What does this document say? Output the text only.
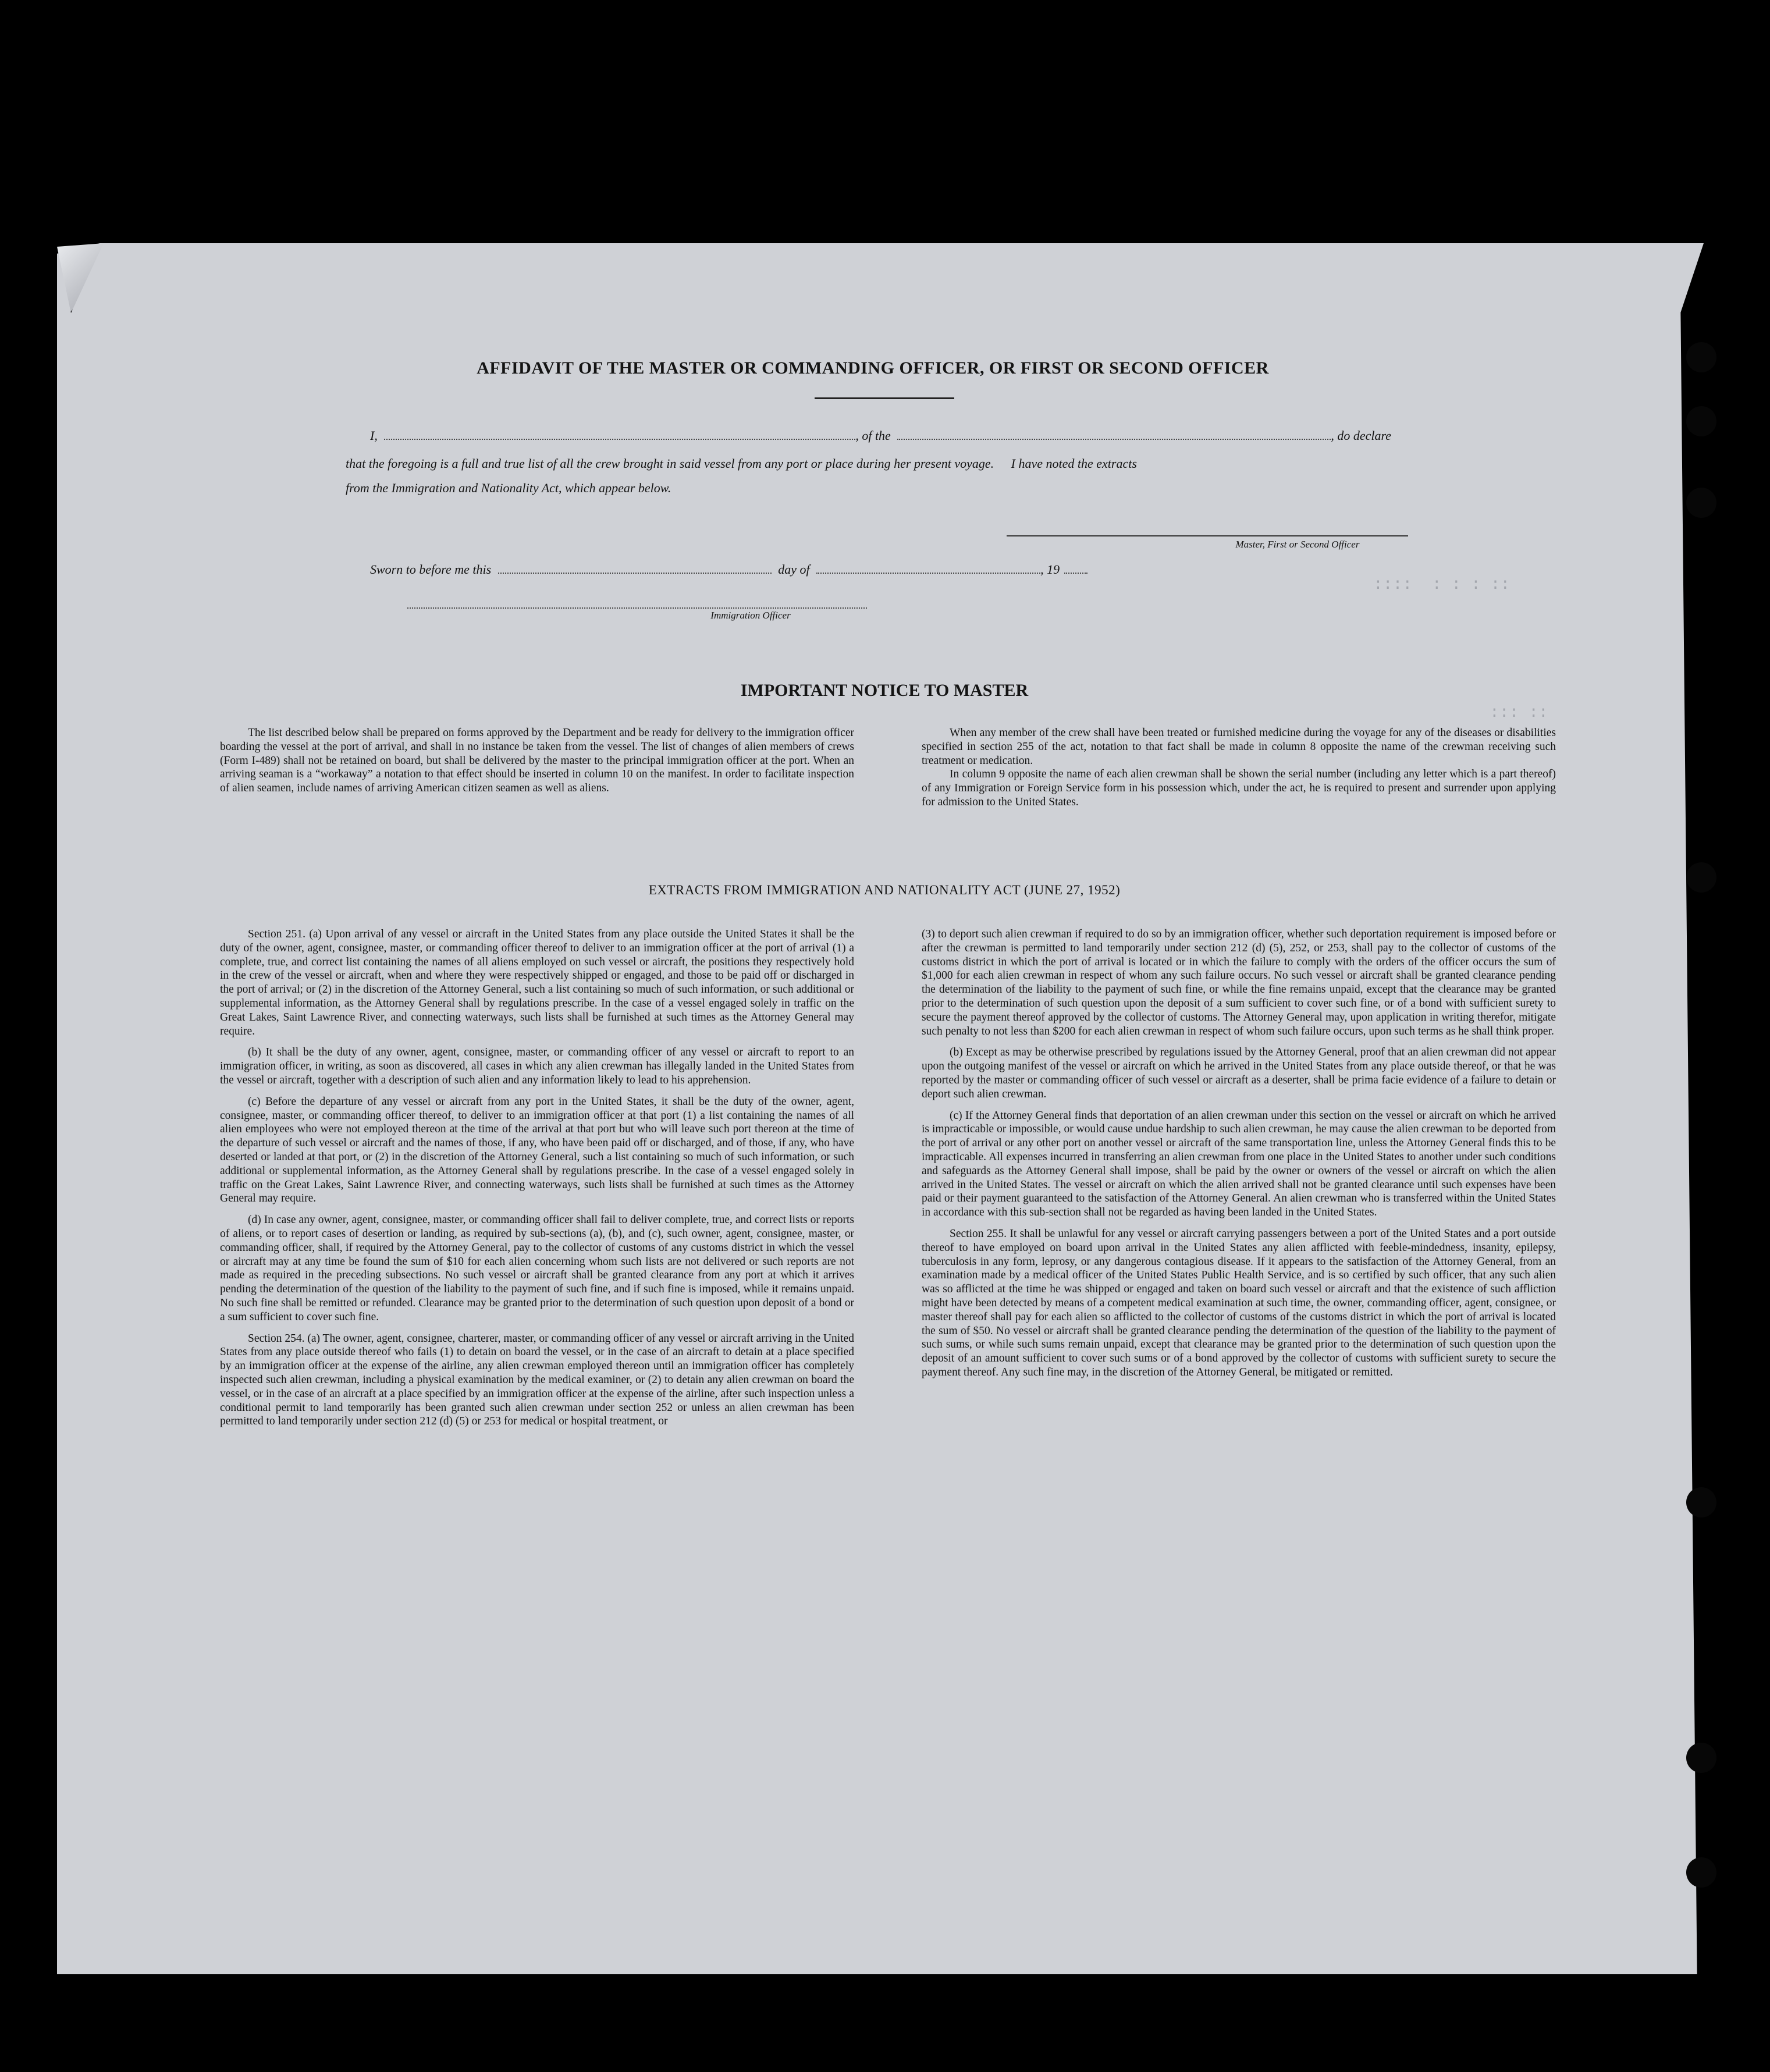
::::  : : : ::
::: ::
AFFIDAVIT OF THE MASTER OR COMMANDING OFFICER, OR FIRST OR SECOND OFFICER
I,	, of the	, do declare
that the foregoing is a full and true list of all the crew brought in said vessel from any port or place during her present voyage. I have noted the extracts
from the Immigration and Nationality Act, which appear below.
Master, First or Second Officer
Sworn to before me this	day of	, 19
Immigration Officer
IMPORTANT NOTICE TO MASTER

The list described below shall be prepared on forms approved by the Department and be ready for delivery to the immigration officer boarding the vessel at the port of arrival, and shall in no instance be taken from the vessel. The list of changes of alien members of crews (Form I-489) shall not be retained on board, but shall be delivered by the master to the principal immigration officer at the port. When an arriving seaman is a “workaway” a notation to that effect should be inserted in column 10 on the manifest. In order to facilitate inspection of alien seamen, include names of arriving American citizen seamen as well as aliens.

When any member of the crew shall have been treated or furnished medicine during the voyage for any of the diseases or disabilities specified in section 255 of the act, notation to that fact shall be made in column 8 opposite the name of the crewman receiving such treatment or medication.

In column 9 opposite the name of each alien crewman shall be shown the serial number (including any letter which is a part thereof) of any Immigration or Foreign Service form in his possession which, under the act, he is required to present and surrender upon applying for admission to the United States.

EXTRACTS FROM IMMIGRATION AND NATIONALITY ACT (JUNE 27, 1952)

Section 251. (a) Upon arrival of any vessel or aircraft in the United States from any place outside the United States it shall be the duty of the owner, agent, consignee, master, or commanding officer thereof to deliver to an immigration officer at the port of arrival (1) a complete, true, and correct list containing the names of all aliens employed on such vessel or aircraft, the positions they respectively hold in the crew of the vessel or aircraft, when and where they were respectively shipped or engaged, and those to be paid off or discharged in the port of arrival; or (2) in the discretion of the Attorney General, such a list containing so much of such information, or such additional or supplemental information, as the Attorney General shall by regulations prescribe. In the case of a vessel engaged solely in traffic on the Great Lakes, Saint Lawrence River, and connecting waterways, such lists shall be furnished at such times as the Attorney General may require.

(b) It shall be the duty of any owner, agent, consignee, master, or commanding officer of any vessel or aircraft to report to an immigration officer, in writing, as soon as discovered, all cases in which any alien crewman has illegally landed in the United States from the vessel or aircraft, together with a description of such alien and any information likely to lead to his apprehension.

(c) Before the departure of any vessel or aircraft from any port in the United States, it shall be the duty of the owner, agent, consignee, master, or commanding officer thereof, to deliver to an immigration officer at that port (1) a list containing the names of all alien employees who were not employed thereon at the time of the arrival at that port but who will leave such port thereon at the time of the departure of such vessel or aircraft and the names of those, if any, who have been paid off or discharged, and of those, if any, who have deserted or landed at that port, or (2) in the discretion of the Attorney General, such a list containing so much of such information, or such additional or supplemental information, as the Attorney General shall by regulations prescribe. In the case of a vessel engaged solely in traffic on the Great Lakes, Saint Lawrence River, and connecting waterways, such lists shall be furnished at such times as the Attorney General may require.

(d) In case any owner, agent, consignee, master, or commanding officer shall fail to deliver complete, true, and correct lists or reports of aliens, or to report cases of desertion or landing, as required by sub-sections (a), (b), and (c), such owner, agent, consignee, master, or commanding officer, shall, if required by the Attorney General, pay to the collector of customs of any customs district in which the vessel or aircraft may at any time be found the sum of $10 for each alien concerning whom such lists are not delivered or such reports are not made as required in the preceding subsections. No such vessel or aircraft shall be granted clearance from any port at which it arrives pending the determination of the question of the liability to the payment of such fine, and if such fine is imposed, while it remains unpaid. No such fine shall be remitted or refunded. Clearance may be granted prior to the determination of such question upon deposit of a bond or a sum sufficient to cover such fine.

Section 254. (a) The owner, agent, consignee, charterer, master, or commanding officer of any vessel or aircraft arriving in the United States from any place outside thereof who fails (1) to detain on board the vessel, or in the case of an aircraft to detain at a place specified by an immigration officer at the expense of the airline, any alien crewman employed thereon until an immigration officer has completely inspected such alien crewman, including a physical examination by the medical examiner, or (2) to detain any alien crewman on board the vessel, or in the case of an aircraft at a place specified by an immigration officer at the expense of the airline, after such inspection unless a conditional permit to land temporarily has been granted such alien crewman under section 252 or unless an alien crewman has been permitted to land temporarily under section 212 (d) (5) or 253 for medical or hospital treatment, or

(3) to deport such alien crewman if required to do so by an immigration officer, whether such deportation requirement is imposed before or after the crewman is permitted to land temporarily under section 212 (d) (5), 252, or 253, shall pay to the collector of customs of the customs district in which the port of arrival is located or in which the failure to comply with the orders of the officer occurs the sum of $1,000 for each alien crewman in respect of whom any such failure occurs. No such vessel or aircraft shall be granted clearance pending the determination of the liability to the payment of such fine, or while the fine remains unpaid, except that the clearance may be granted prior to the determination of such question upon the deposit of a sum sufficient to cover such fine, or of a bond with sufficient surety to secure the payment thereof approved by the collector of customs. The Attorney General may, upon application in writing therefor, mitigate such penalty to not less than $200 for each alien crewman in respect of whom such failure occurs, upon such terms as he shall think proper.

(b) Except as may be otherwise prescribed by regulations issued by the Attorney General, proof that an alien crewman did not appear upon the outgoing manifest of the vessel or aircraft on which he arrived in the United States from any place outside thereof, or that he was reported by the master or commanding officer of such vessel or aircraft as a deserter, shall be prima facie evidence of a failure to detain or deport such alien crewman.

(c) If the Attorney General finds that deportation of an alien crewman under this section on the vessel or aircraft on which he arrived is impracticable or impossible, or would cause undue hardship to such alien crewman, he may cause the alien crewman to be deported from the port of arrival or any other port on another vessel or aircraft of the same transportation line, unless the Attorney General finds this to be impracticable. All expenses incurred in transferring an alien crewman from one place in the United States to another under such conditions and safeguards as the Attorney General shall impose, shall be paid by the owner or owners of the vessel or aircraft on which the alien arrived in the United States. The vessel or aircraft on which the alien arrived shall not be granted clearance until such expenses have been paid or their payment guaranteed to the satisfaction of the Attorney General. An alien crewman who is transferred within the United States in accordance with this sub-section shall not be regarded as having been landed in the United States.

Section 255. It shall be unlawful for any vessel or aircraft carrying passengers between a port of the United States and a port outside thereof to have employed on board upon arrival in the United States any alien afflicted with feeble-mindedness, insanity, epilepsy, tuberculosis in any form, leprosy, or any dangerous contagious disease. If it appears to the satisfaction of the Attorney General, from an examination made by a medical officer of the United States Public Health Service, and is so certified by such officer, that any such alien was so afflicted at the time he was shipped or engaged and taken on board such vessel or aircraft and that the existence of such affliction might have been detected by means of a competent medical examination at such time, the owner, commanding officer, agent, consignee, or master thereof shall pay for each alien so afflicted to the collector of customs of the customs district in which the port of arrival is located the sum of $50. No vessel or aircraft shall be granted clearance pending the determination of the question of the liability to the payment of such sums, or while such sums remain unpaid, except that clearance may be granted prior to the determination of such question upon the deposit of an amount sufficient to cover such sums or of a bond approved by the collector of customs with sufficient surety to secure the payment thereof. Any such fine may, in the discretion of the Attorney General, be mitigated or remitted.
